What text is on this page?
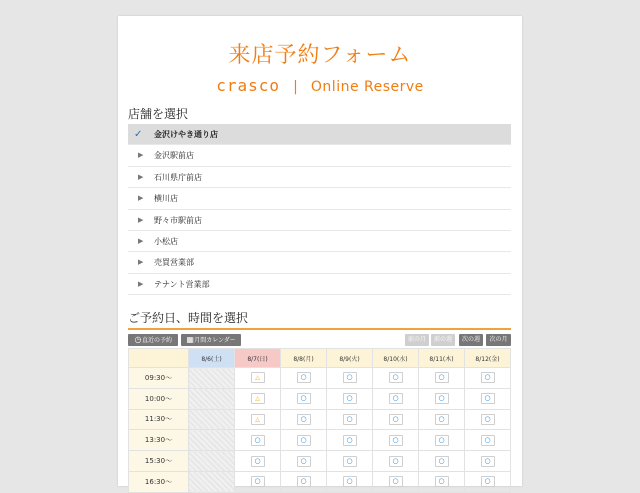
来店予約フォーム
crasco | Online Reserve
店舗を選択
✓ 金沢けやき通り店
▶ 金沢駅前店
▶ 石川県庁前店
▶ 横川店
▶ 野々市駅前店
▶ 小松店
▶ 売買営業部
▶ テナント営業部
ご予約日、時間を選択
◷直近の予約	▦月間カレンダー	前の月	前の週	次の週	次の月
	8/6(土)	8/7(日)	8/8(月)	8/9(火)	8/10(水)	8/11(木)	8/12(金)
09:30〜		△	○	○	○	○	○

10:00〜		△	○	○	○	○	○

11:30〜		△	○	○	○	○	○

13:30〜		○	○	○	○	○	○

15:30〜		○	○	○	○	○	○

16:30〜		○	○	○	○	○	○
